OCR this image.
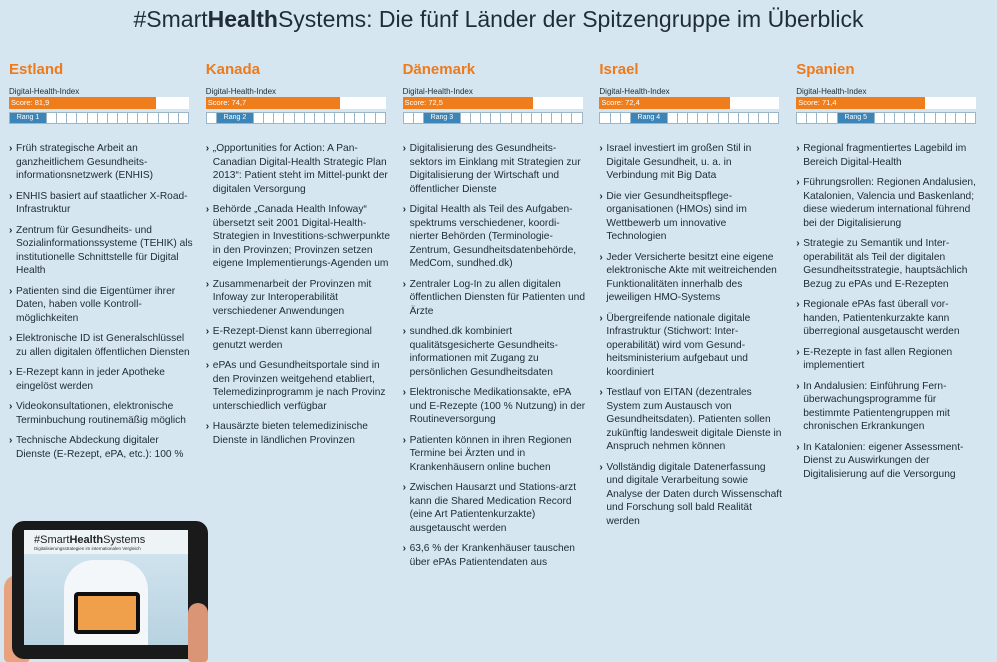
#SmartHealthSystems: Die fünf Länder der Spitzengruppe im Überblick
Estland
Digital-Health-Index
Score: 81,9
Rang 1
› Früh strategische Arbeit an ganzheitlichem Gesundheits-informationsnetzwerk (ENHIS)
› ENHIS basiert auf staatlicher X-Road-Infrastruktur
› Zentrum für Gesundheits- und Sozialinformationssysteme (TEHIK) als institutionelle Schnittstelle für Digital Health
› Patienten sind die Eigentümer ihrer Daten, haben volle Kontroll-möglichkeiten
› Elektronische ID ist Generalschlüssel zu allen digitalen öffentlichen Diensten
› E-Rezept kann in jeder Apotheke eingelöst werden
› Videokonsultationen, elektronische Terminbuchung routinemäßig möglich
› Technische Abdeckung digitaler Dienste (E-Rezept, ePA, etc.): 100 %
Kanada
Digital-Health-Index
Score: 74,7
Rang 2
› „Opportunities for Action: A Pan-Canadian Digital-Health Strategic Plan 2013“: Patient steht im Mittel-punkt der digitalen Versorgung
› Behörde „Canada Health Infoway“ übersetzt seit 2001 Digital-Health-Strategien in Investitions-schwerpunkte in den Provinzen; Provinzen setzen eigene Implementierungs-Agenden um
› Zusammenarbeit der Provinzen mit Infoway zur Interoperabilität verschiedener Anwendungen
› E-Rezept-Dienst kann überregional genutzt werden
› ePAs und Gesundheitsportale sind in den Provinzen weitgehend etabliert, Telemedizinprogramm je nach Provinz unterschiedlich verfügbar
› Hausärzte bieten telemedizinische Dienste in ländlichen Provinzen
Dänemark
Digital-Health-Index
Score: 72,5
Rang 3
› Digitalisierung des Gesundheits-sektors im Einklang mit Strategien zur Digitalisierung der Wirtschaft und öffentlicher Dienste
› Digital Health als Teil des Aufgaben-spektrums verschiedener, koordi-nierter Behörden (Terminologie-Zentrum, Gesundheitsdatenbehörde, MedCom, sundhed.dk)
› Zentraler Log-In zu allen digitalen öffentlichen Diensten für Patienten und Ärzte
› sundhed.dk kombiniert qualitätsgesicherte Gesundheits-informationen mit Zugang zu persönlichen Gesundheitsdaten
› Elektronische Medikationsakte, ePA und E-Rezepte (100 % Nutzung) in der Routineversorgung
› Patienten können in ihren Regionen Termine bei Ärzten und in Krankenhäusern online buchen
› Zwischen Hausarzt und Stations-arzt kann die Shared Medication Record (eine Art Patientenkurzakte) ausgetauscht werden
› 63,6 % der Krankenhäuser tauschen über ePAs Patientendaten aus
Israel
Digital-Health-Index
Score: 72,4
Rang 4
› Israel investiert im großen Stil in Digitale Gesundheit, u. a. in Verbindung mit Big Data
› Die vier Gesundheitspflege-organisationen (HMOs) sind im Wettbewerb um innovative Technologien
› Jeder Versicherte besitzt eine eigene elektronische Akte mit weitreichenden Funktionalitäten innerhalb des jeweiligen HMO-Systems
› Übergreifende nationale digitale Infrastruktur (Stichwort: Inter-operabilität) wird vom Gesund-heitsministerium aufgebaut und koordiniert
› Testlauf von EITAN (dezentrales System zum Austausch von Gesundheitsdaten). Patienten sollen zukünftig landesweit digitale Dienste in Anspruch nehmen können
› Vollständig digitale Datenerfassung und digitale Verarbeitung sowie Analyse der Daten durch Wissenschaft und Forschung soll bald Realität werden
Spanien
Digital-Health-Index
Score: 71,4
Rang 5
› Regional fragmentiertes Lagebild im Bereich Digital-Health
› Führungsrollen: Regionen Andalusien, Katalonien, Valencia und Baskenland; diese wiederum international führend bei der Digitalisierung
› Strategie zu Semantik und Inter-operabilität als Teil der digitalen Gesundheitsstrategie, hauptsächlich Bezug zu ePAs und E-Rezepten
› Regionale ePAs fast überall vor-handen, Patientenkurzakte kann überregional ausgetauscht werden
› E-Rezepte in fast allen Regionen implementiert
› In Andalusien: Einführung Fern-überwachungsprogramme für bestimmte Patientengruppen mit chronischen Erkrankungen
› In Katalonien: eigener Assessment-Dienst zu Auswirkungen der Digitalisierung auf die Versorgung
#SmartHealthSystems
Digitalisierungsstrategien im internationalen Vergleich
